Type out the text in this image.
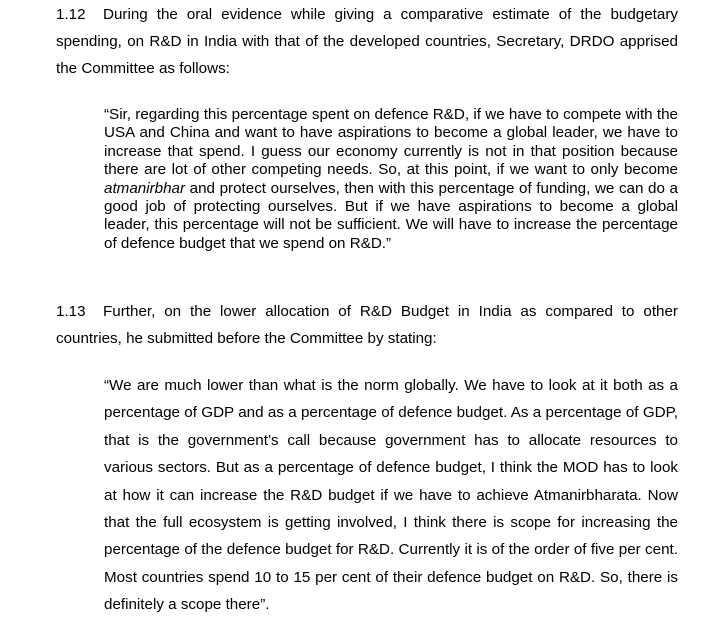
1.12 During the oral evidence while giving a comparative estimate of the budgetary spending, on R&D in India with that of the developed countries, Secretary, DRDO apprised the Committee as follows:

“Sir, regarding this percentage spent on defence R&D, if we have to compete with the USA and China and want to have aspirations to become a global leader, we have to increase that spend. I guess our economy currently is not in that position because there are lot of other competing needs. So, at this point, if we want to only become atmanirbhar and protect ourselves, then with this percentage of funding, we can do a good job of protecting ourselves. But if we have aspirations to become a global leader, this percentage will not be sufficient. We will have to increase the percentage of defence budget that we spend on R&D.”

1.13 Further, on the lower allocation of R&D Budget in India as compared to other countries, he submitted before the Committee by stating:

“We are much lower than what is the norm globally. We have to look at it both as a percentage of GDP and as a percentage of defence budget. As a percentage of GDP, that is the government’s call because government has to allocate resources to various sectors. But as a percentage of defence budget, I think the MOD has to look at how it can increase the R&D budget if we have to achieve Atmanirbharata. Now that the full ecosystem is getting involved, I think there is scope for increasing the percentage of the defence budget for R&D. Currently it is of the order of five per cent. Most countries spend 10 to 15 per cent of their defence budget on R&D. So, there is definitely a scope there”.
